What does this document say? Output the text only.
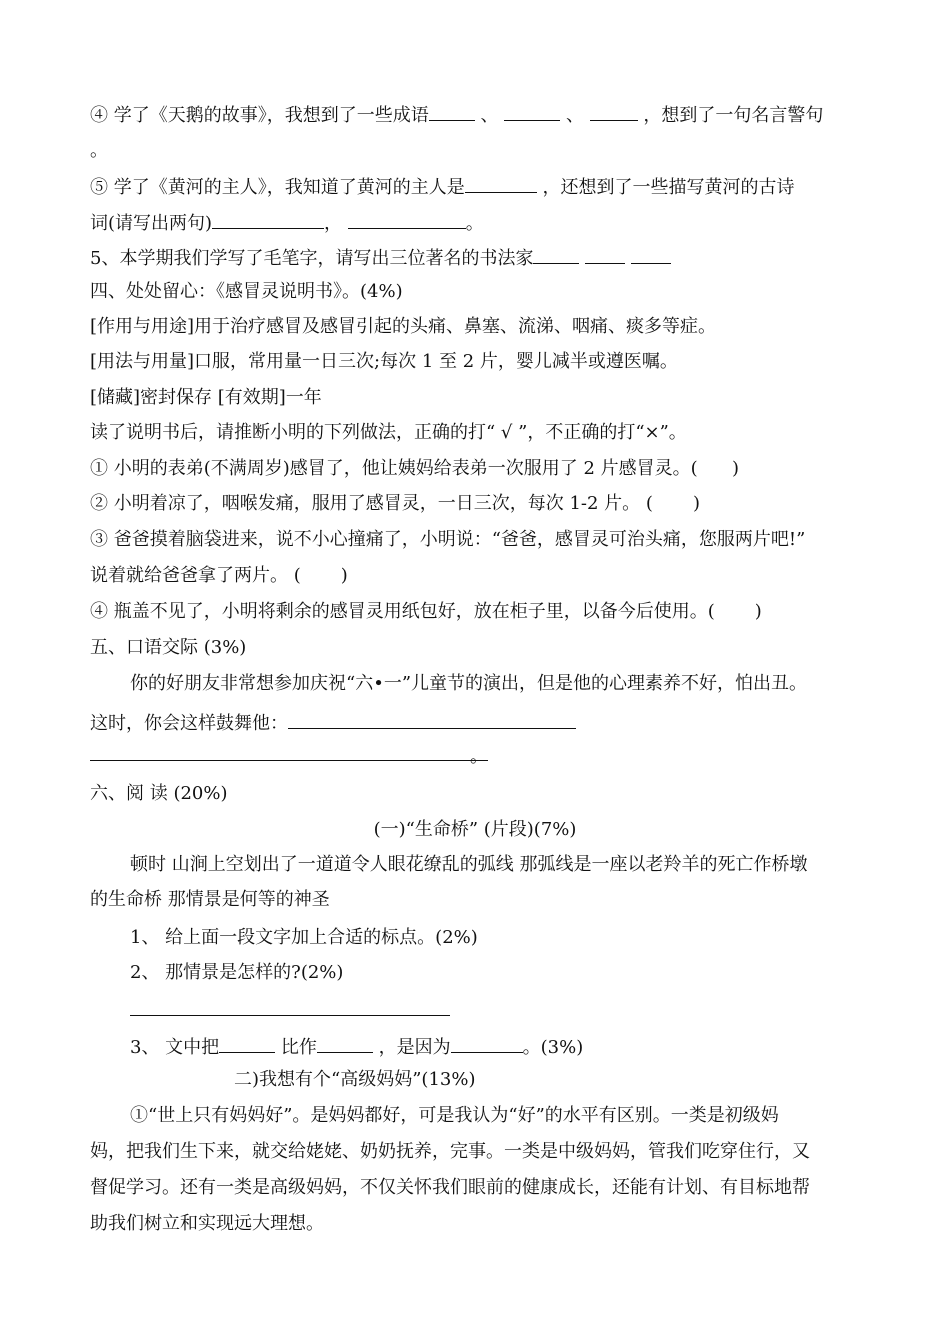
④ 学了《天鹅的故事》，我想到了一些成语	、	、	，想到了一句名言警句
。
⑤ 学了《黄河的主人》，我知道了黄河的主人是	，还想到了一些描写黄河的古诗
词(请写出两句)	，	。
5、本学期我们学写了毛笔字，请写出三位著名的书法家
四、处处留心：《感冒灵说明书》。(4%)
[作用与用途]用于治疗感冒及感冒引起的头痛、鼻塞、流涕、咽痛、痰多等症。
[用法与用量]口服，常用量一日三次;每次 1 至 2 片，婴儿减半或遵医嘱。
[储藏]密封保存 [有效期]一年
读了说明书后，请推断小明的下列做法，正确的打“ √ ”，不正确的打“×”。
① 小明的表弟(不满周岁)感冒了，他让姨妈给表弟一次服用了 2 片感冒灵。(      )
② 小明着凉了，咽喉发痛，服用了感冒灵，一日三次，每次 1-2 片。 (       )
③ 爸爸摸着脑袋进来，说不小心撞痛了，小明说：“爸爸，感冒灵可治头痛，您服两片吧!”
说着就给爸爸拿了两片。 (       )
④ 瓶盖不见了，小明将剩余的感冒灵用纸包好，放在柜子里，以备今后使用。(       )
五、口语交际 (3%)
你的好朋友非常想参加庆祝“六•一”儿童节的演出，但是他的心理素养不好，怕出丑。
这时，你会这样鼓舞他：
。
六、阅 读 (20%)
(一)“生命桥” (片段)(7%)
顿时 山涧上空划出了一道道令人眼花缭乱的弧线 那弧线是一座以老羚羊的死亡作桥墩
的生命桥 那情景是何等的神圣
1、 给上面一段文字加上合适的标点。(2%)
2、 那情景是怎样的?(2%)
3、 文中把	比作	，是因为	。(3%)
二)我想有个“高级妈妈”(13%)
①“世上只有妈妈好”。是妈妈都好，可是我认为“好”的水平有区别。一类是初级妈
妈，把我们生下来，就交给姥姥、奶奶抚养，完事。一类是中级妈妈，管我们吃穿住行，又
督促学习。还有一类是高级妈妈，不仅关怀我们眼前的健康成长，还能有计划、有目标地帮
助我们树立和实现远大理想。
